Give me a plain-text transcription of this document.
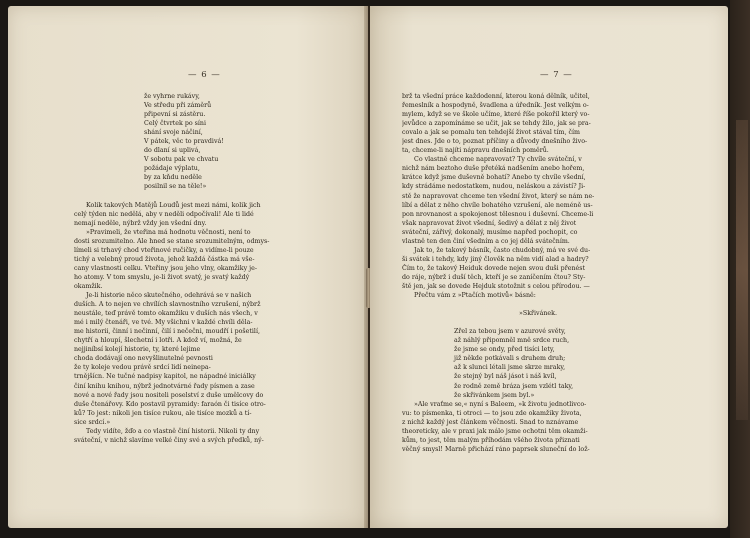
— 6 —
že vyhrne rukávy,
Ve středu při záměrů
připevní si zástěru.
Celý čtvrtek po síni
shání svoje náčiní,
V pátek, věc to pravdivá!
do dlaní si uplivá,
V sobotu pak ve chvatu
požádaje výplatu,
by za kňdu neděle
posilnil se na těle!»

Kolik takových Matějů Loudů jest mezi námi, kolik jich
celý týden nic nedělá, aby v neděli odpočívali! Ale ti lidé
nemají neděle, nýbrž vždy jen všední dny.
»Pravimeli, že vteřina má hodnotu věčnosti, není to
dosti srozumitelno. Ale hned se stane srozumitelným, odmys-
límeli si trhavý chod vteřinové ručičky, a vidíme-li pouze
tichý a velebný proud života, jehož každá částka má vše-
cany vlastnosti celku. Vteřiny jsou jeho vlny, okamžiky je-
ho atomy. V tom smyslu, je-li život svatý, je svatý každý
okamžik.
Je-li historie něco skutečného, odehrává se v našich
duších. A to nejen ve chvílích slavnostního vzrušení, nýbrž
neustále, teď právě tomto okamžiku v duších nás všech, v
mé i milý čtenáři, ve tvé. My všichni v každé chvíli děla-
me historii, činní i nečinní, čilí i nečečni, moudří i pošetilí,
chytří a hloupí, šlechetní i lotři. A kdož ví, možná, že
nejjiníbsí kolejí historie, ty, které lejime
choda dodávají ono nevyšlinutelné pevnosti
že ty koleje vedou právě srdcí lidí neinepa-
trnějšícn. Ne tučné nadpisy kapitol, ne nápadné iniciálky
činí knihu knihou, nýbrž jednotvárné řady písmen a zase
nové a nové řady jsou nositeli poselství z duše umělcovy do
duše čtenářovy. Kdo postavil pyramidy: faraón či tisíce otro-
ků? To jest: nikoli jen tisíce rukou, ale tisíce mozků a tí-
sice srdcí.»
Tedy vidíte, žďo a co vlastně činí historii. Nikoli ty dny
sváteční, v nichž slavíme velké činy své a svých předků, ný-
— 7 —
brž ta všední práce každodenní, kterou koná dělník, učitel,
řemeslník a hospodyně, švadlena a úředník. Jest velkým o-
mylem, když se ve škole učíme, které říše pokořil který vo-
jevůdce a zapomínáme se učit, jak se tehdy žilo, jak se pra-
covalo a jak se pomalu ten tehdejší život stával tím, čím
jest dnes. Jde o to, poznat příčiny a důvody dnešního živo-
ta, chceme-li najíti nápravu dnešních poměrů.
Co vlastně chceme napravovat? Ty chvíle sváteční, v
nichž nám beztoho duše přetéká nadšením anebo hořem,
krátce když jsme duševně bohatí? Anebo ty chvíle všední,
kdy strádáme nedostatkem, nudou, neláskou a závistí? Ji-
stě že napravovat chceme ten všední život, který se nám ne-
líbí a dělat z něho chvíle bohatého vzrušení, ale neméně us-
pon nrovnanost a spokojenost tělesnou i duševní. Chceme-li
však napravovat život všední, šedivý a dělat z něj život
sváteční, zářivý, dokonalý, musíme napřed pochopit, co
vlastně ten den činí všedním a co jej dělá svátečním.
Jak to, že takový básník, často chudobný, má ve své du-
ši svátek i tehdy, kdy jiný člověk na něm vidí alad a hadry?
Čím to, že takový Heiduk dovede nejen svou duši přenést
do ráje, nýbrž i duší těch, kteří je se zaníčením čtou? Sty-
ště jen, jak se dovede Hejduk stotožnit s celou přírodou. —
Přečtu vám z »Ptačích motivů« básně:

»Skřivánek.

Zřel za tebou jsem v azurové světy,
až náhlý připomněl mně srdce ruch,
že jsme se ondy, před tisíci lety,
již někde potkávali s druhem druh;
až k slunci létali jsme skrze mraky,
že stejný byl náš jásot i náš kvíl,
že rodně země bráza jsem vzlétl taky,
že skřivánkem jsem byl.»
»Ale vraťme se,« nyní s Baleem, »k životu jednotlivco-
vu: to písmenka, ti otroci — to jsou zde okamžiky života,
z nichž každý jest článkem věčnosti. Snad to nznávame
theoreticky, ale v praxi jak málo jsme ochotni těm okamži-
kům, to jest, těm malým příhodám všého života přiznati
věčný smysl! Marně přichází ráno paprsek sluneční do lož-
